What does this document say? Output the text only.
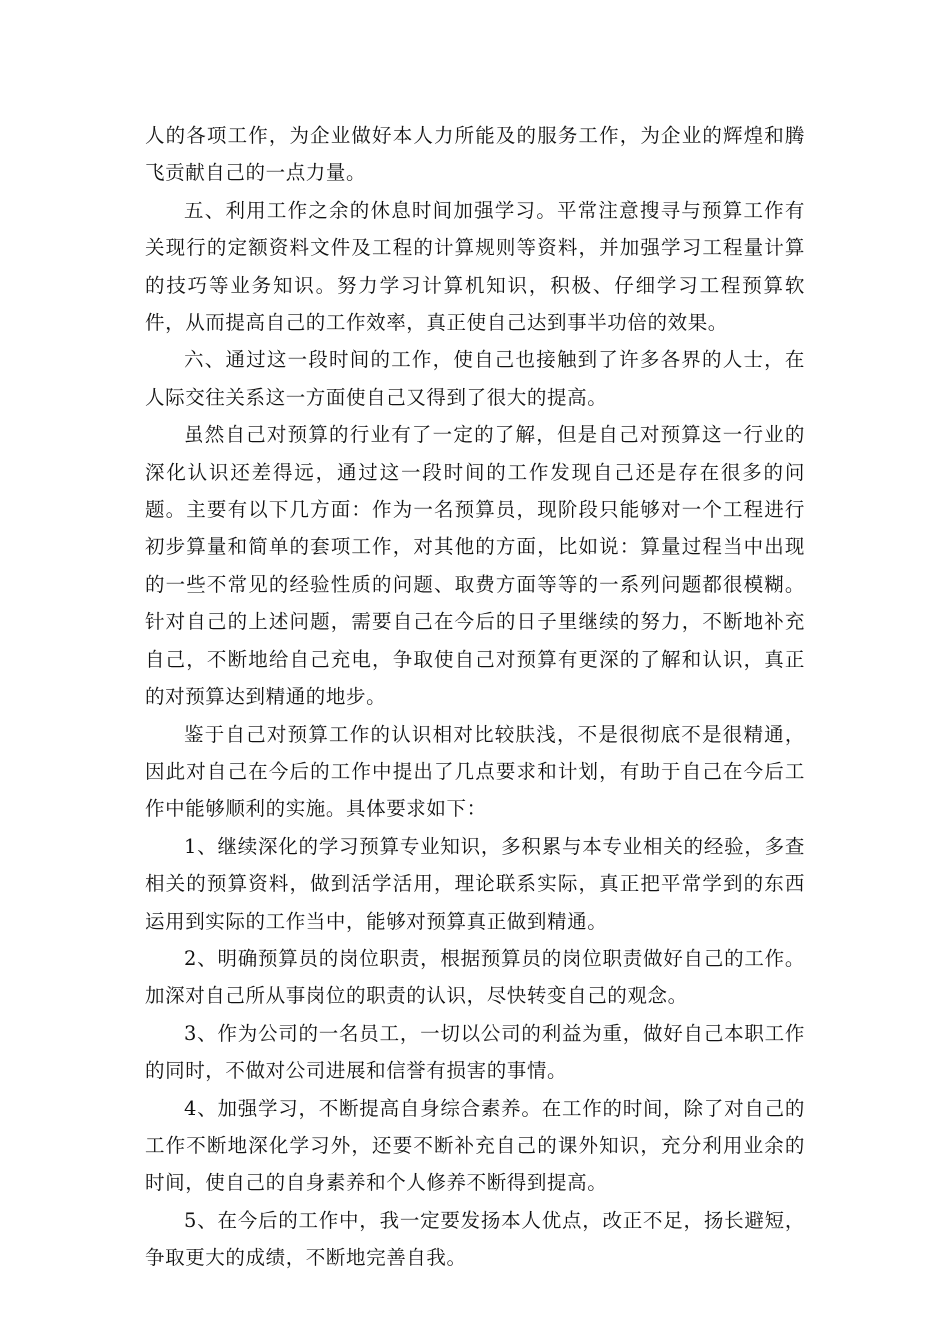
人的各项工作，为企业做好本人力所能及的服务工作，为企业的辉煌和腾飞贡献自己的一点力量。

五、利用工作之余的休息时间加强学习。平常注意搜寻与预算工作有关现行的定额资料文件及工程的计算规则等资料，并加强学习工程量计算的技巧等业务知识。努力学习计算机知识，积极、仔细学习工程预算软件，从而提高自己的工作效率，真正使自己达到事半功倍的效果。

六、通过这一段时间的工作，使自己也接触到了许多各界的人士，在人际交往关系这一方面使自己又得到了很大的提高。

虽然自己对预算的行业有了一定的了解，但是自己对预算这一行业的深化认识还差得远，通过这一段时间的工作发现自己还是存在很多的问题。主要有以下几方面：作为一名预算员，现阶段只能够对一个工程进行初步算量和简单的套项工作，对其他的方面，比如说：算量过程当中出现的一些不常见的经验性质的问题、取费方面等等的一系列问题都很模糊。针对自己的上述问题，需要自己在今后的日子里继续的努力，不断地补充自己，不断地给自己充电，争取使自己对预算有更深的了解和认识，真正的对预算达到精通的地步。

鉴于自己对预算工作的认识相对比较肤浅，不是很彻底不是很精通，因此对自己在今后的工作中提出了几点要求和计划，有助于自己在今后工作中能够顺利的实施。具体要求如下：

1、继续深化的学习预算专业知识，多积累与本专业相关的经验，多查相关的预算资料，做到活学活用，理论联系实际，真正把平常学到的东西运用到实际的工作当中，能够对预算真正做到精通。

2、明确预算员的岗位职责，根据预算员的岗位职责做好自己的工作。加深对自己所从事岗位的职责的认识，尽快转变自己的观念。

3、作为公司的一名员工，一切以公司的利益为重，做好自己本职工作的同时，不做对公司进展和信誉有损害的事情。

4、加强学习，不断提高自身综合素养。在工作的时间，除了对自己的工作不断地深化学习外，还要不断补充自己的课外知识，充分利用业余的时间，使自己的自身素养和个人修养不断得到提高。

5、在今后的工作中，我一定要发扬本人优点，改正不足，扬长避短，争取更大的成绩，不断地完善自我。
